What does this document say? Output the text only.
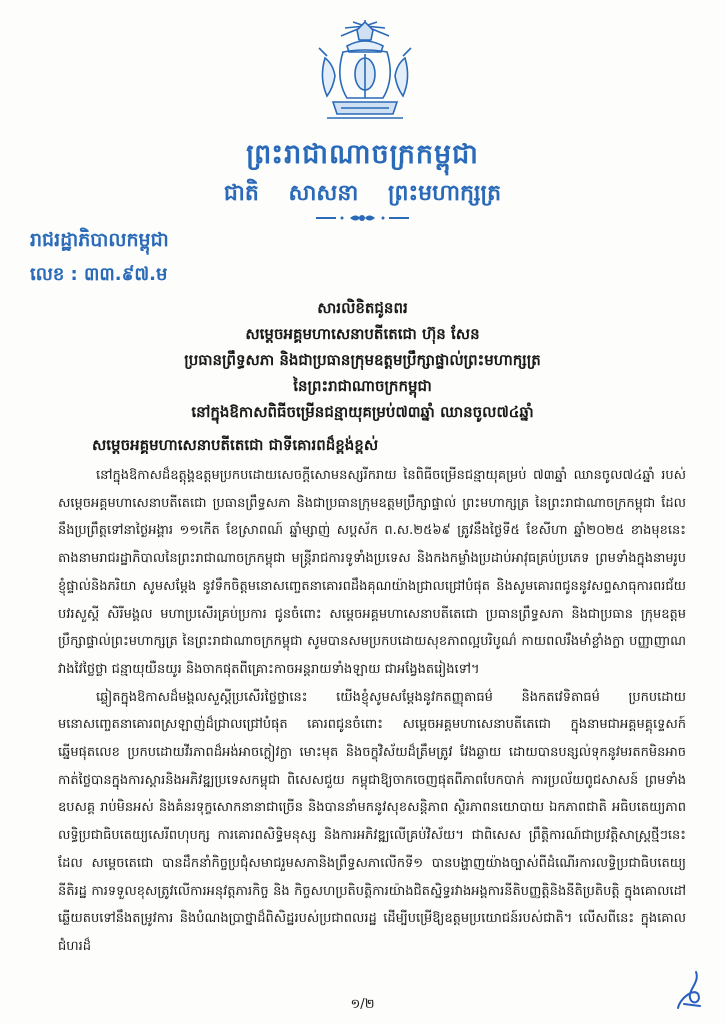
ព្រះរាជាណាចក្រកម្ពុជា
ជាតិ សាសនា ព្រះមហាក្សត្រ
រាជរដ្ឋាភិបាលកម្ពុជា
លេខ : ៣៣.៩៧.ម
សារលិខិតជូនពរ
សម្តេចអគ្គមហាសេនាបតីតេជោ ហ៊ុន សែន
ប្រធានព្រឹទ្ធសភា និងជាប្រធានក្រុមឧត្តមប្រឹក្សាផ្ទាល់ព្រះមហាក្សត្រ
នៃព្រះរាជាណាចក្រកម្ពុជា
នៅក្នុងឱកាសពិធីចម្រើនជន្មាយុគម្រប់៧៣ឆ្នាំ ឈានចូល៧៤ឆ្នាំ
សម្តេចអគ្គមហាសេនាបតីតេជោ ជាទីគោរពដ៏ខ្ពង់ខ្ពស់

នៅក្នុងឱកាសដ៏ឧត្តុង្គឧត្តមប្រកបដោយសេចក្តីសោមនស្សរីករាយ នៃពិធីចម្រើនជន្មាយុគម្រប់ ៧៣ឆ្នាំ ឈានចូល៧៤ឆ្នាំ របស់សម្តេចអគ្គមហាសេនាបតីតេជោ ប្រធានព្រឹទ្ធសភា និងជាប្រធានក្រុមឧត្តមប្រឹក្សាផ្ទាល់ ព្រះមហាក្សត្រ នៃព្រះរាជាណាចក្រកម្ពុជា ដែលនឹងប្រព្រឹត្តទៅនាថ្ងៃអង្គារ ១១កើត ខែស្រាពណ៍ ឆ្នាំម្សាញ់ សប្តស័ក ព.ស.២៥៦៩ ត្រូវនឹងថ្ងៃទី៥ ខែសីហា ឆ្នាំ២០២៥ ខាងមុខនេះ តាងនាមរាជរដ្ឋាភិបាលនៃព្រះរាជាណាចក្រកម្ពុជា មន្ត្រីរាជការទូទាំងប្រទេស និងកងកម្លាំងប្រដាប់អាវុធគ្រប់ប្រភេទ ព្រមទាំងក្នុងនាមរូបខ្ញុំផ្ទាល់និងភរិយា សូមសម្តែង នូវទឹកចិត្តមនោសញ្ចេតនាគោរពដឹងគុណយ៉ាងជ្រាលជ្រៅបំផុត និងសូមគោរពជូននូវសព្ទសាធុការពរជ័យ បវរសួស្តី សិរីមង្គល មហាប្រសើរគ្រប់ប្រការ ជូនចំពោះ សម្តេចអគ្គមហាសេនាបតីតេជោ ប្រធានព្រឹទ្ធសភា និងជាប្រធាន ក្រុមឧត្តមប្រឹក្សាផ្ទាល់ព្រះមហាក្សត្រ នៃព្រះរាជាណាចក្រកម្ពុជា សូមបានសមប្រកបដោយសុខភាពល្អបរិបូណ៌ កាយពលរឹងមាំខ្លាំងក្លា បញ្ញាញាណវាងវៃថ្លៃថ្លា ជន្មាយុយឺនយូរ និងចាកផុតពីគ្រោះកាចអន្តរាយទាំងឡាយ ជាអង្វែងតរៀងទៅ។

ឆ្លៀតក្នុងឱកាសដ៏មង្គលសួស្តីប្រសើរថ្លៃថ្លានេះ យើងខ្ញុំសូមសម្តែងនូវកតញ្ញុតាធម៌ និងកតវេទិតាធម៌ ប្រកបដោយមនោសញ្ចេតនាគោរពស្រឡាញ់ដ៏ជ្រាលជ្រៅបំផុត គោរពជូនចំពោះ សម្តេចអគ្គមហាសេនាបតីតេជោ ក្នុងនាមជាអគ្គមគ្គុទ្ទេសក៍ឆ្នើមផុតលេខ ប្រកបដោយវីរភាពដ៏អង់អាចក្លៀវក្លា មោះមុត និងចក្ខុវិស័យដ៏ត្រឹមត្រូវ វែងឆ្ងាយ ដោយបានបន្សល់ទុកនូវមរតកមិនអាចកាត់ថ្លៃបានក្នុងការស្តារនិងអភិវឌ្ឍប្រទេសកម្ពុជា ពិសេសជួយ កម្ពុជាឱ្យចាកចេញផុតពីភាពបែកបាក់ ការប្រល័យពូជសាសន៍ ព្រមទាំងឧបសគ្គ រាប់មិនអស់ និងគំនរទុក្ខសោកនានាជាច្រើន និងបាននាំមកនូវសុខសន្តិភាព ស្ថិរភាពនយោបាយ ឯកភាពជាតិ អធិបតេយ្យភាព លទ្ធិប្រជាធិបតេយ្យសេរីពហុបក្ស ការគោរពសិទ្ធិមនុស្ស និងការអភិវឌ្ឍលើគ្រប់វិស័យ។ ជាពិសេស ព្រឹត្តិការណ៍ជាប្រវត្តិសាស្ត្រថ្មីៗនេះ ដែល សម្តេចតេជោ បានដឹកនាំកិច្ចប្រជុំសមាជរួមសភានិងព្រឹទ្ធសភាលើកទី១ បានបង្ហាញយ៉ាងច្បាស់ពីដំណើរការលទ្ធិប្រជាធិបតេយ្យ នីតិរដ្ឋ ការទទួលខុសត្រូវលើការអនុវត្តភារកិច្ច និង កិច្ចសហប្រតិបត្តិការយ៉ាងជិតស្និទ្ធរវាងអង្គការនីតិបញ្ញត្តិនិងនីតិប្រតិបត្តិ ក្នុងគោលដៅឆ្លើយតបទៅនឹងតម្រូវការ និងបំណងប្រាថ្នាដ៏ពិសិដ្ឋរបស់ប្រជាពលរដ្ឋ ដើម្បីបម្រើឱ្យឧត្តមប្រយោជន៍របស់ជាតិ។ លើសពីនេះ ក្នុងគោលជំហរដ៏

១/២
